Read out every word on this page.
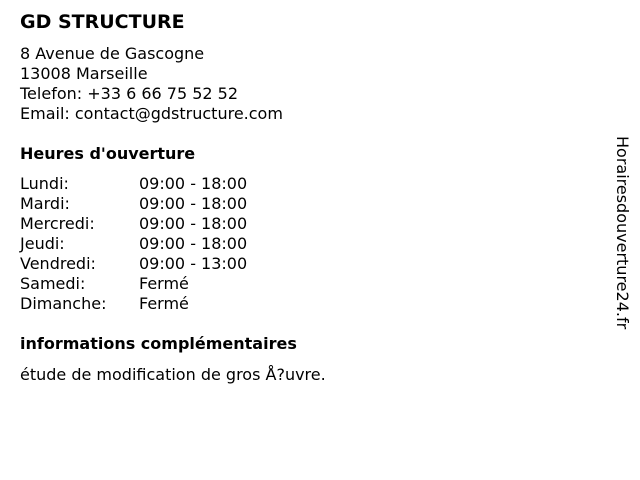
GD STRUCTURE
8 Avenue de Gascogne
13008 Marseille
Telefon: +33 6 66 75 52 52
Email: contact@gdstructure.com
Heures d'ouverture
Lundi:	09:00 - 18:00
Mardi:	09:00 - 18:00
Mercredi:	09:00 - 18:00
Jeudi:	09:00 - 18:00
Vendredi:	09:00 - 13:00
Samedi:	Fermé
Dimanche: Fermé
informations complémentaires
étude de modification de gros Å?uvre.
Horairesdouverture24.fr
